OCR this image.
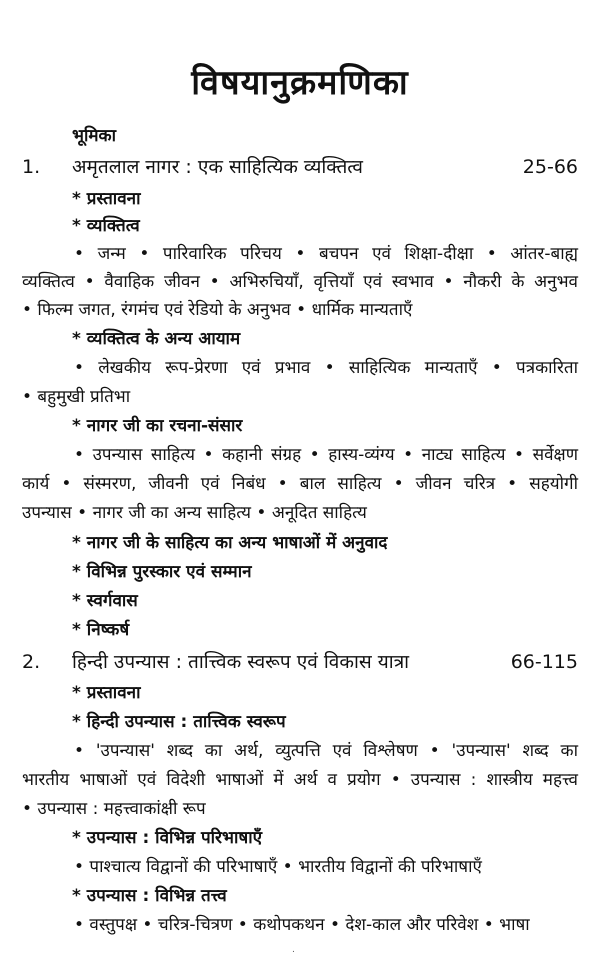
विषयानुक्रमणिका
भूमिका
1. अमृतलाल नागर : एक साहित्यिक व्यक्तित्व	25-66
* प्रस्तावना
* व्यक्तित्व
• जन्म • पारिवारिक परिचय • बचपन एवं शिक्षा-दीक्षा • आंतर-बाह्य
व्यक्तित्व • वैवाहिक जीवन • अभिरुचियाँ, वृत्तियाँ एवं स्वभाव • नौकरी के अनुभव
• फिल्म जगत, रंगमंच एवं रेडियो के अनुभव • धार्मिक मान्यताएँ
* व्यक्तित्व के अन्य आयाम
• लेखकीय रूप-प्रेरणा एवं प्रभाव • साहित्यिक मान्यताएँ • पत्रकारिता
• बहुमुखी प्रतिभा
* नागर जी का रचना-संसार
• उपन्यास साहित्य • कहानी संग्रह • हास्य-व्यंग्य • नाट्य साहित्य • सर्वेक्षण
कार्य • संस्मरण, जीवनी एवं निबंध • बाल साहित्य • जीवन चरित्र • सहयोगी
उपन्यास • नागर जी का अन्य साहित्य • अनूदित साहित्य
* नागर जी के साहित्य का अन्य भाषाओं में अनुवाद
* विभिन्न पुरस्कार एवं सम्मान
* स्वर्गवास
* निष्कर्ष
2. हिन्दी उपन्यास : तात्त्विक स्वरूप एवं विकास यात्रा	66-115
* प्रस्तावना
* हिन्दी उपन्यास : तात्त्विक स्वरूप
• 'उपन्यास' शब्द का अर्थ, व्युत्पत्ति एवं विश्लेषण • 'उपन्यास' शब्द का
भारतीय भाषाओं एवं विदेशी भाषाओं में अर्थ व प्रयोग • उपन्यास : शास्त्रीय महत्त्व
• उपन्यास : महत्त्वाकांक्षी रूप
* उपन्यास : विभिन्न परिभाषाएँ
• पाश्चात्य विद्वानों की परिभाषाएँ • भारतीय विद्वानों की परिभाषाएँ
* उपन्यास : विभिन्न तत्त्व
• वस्तुपक्ष • चरित्र-चित्रण • कथोपकथन • देश-काल और परिवेश • भाषा
.
